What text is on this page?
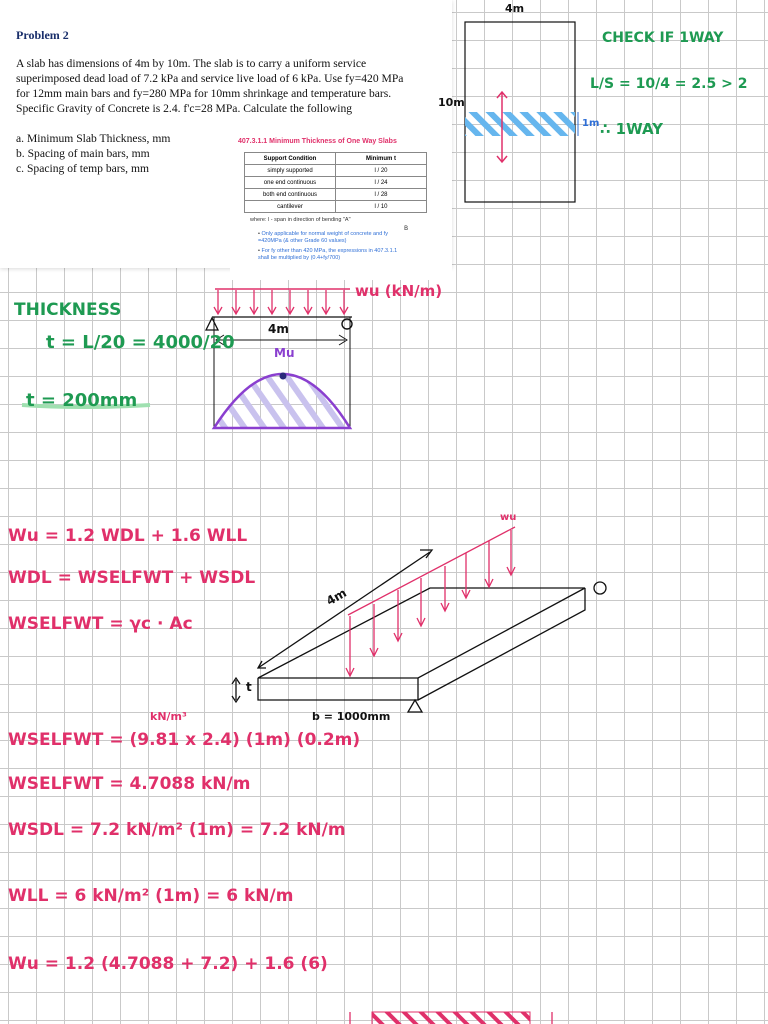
Problem 2
A slab has dimensions of 4m by 10m. The slab is to carry a uniform service superimposed dead load of 7.2 kPa and service live load of 6 kPa. Use fy=420 MPa for 12mm main bars and fy=280 MPa for 10mm shrinkage and temperature bars. Specific Gravity of Concrete is 2.4. f'c=28 MPa. Calculate the following
a. Minimum Slab Thickness, mm
b. Spacing of main bars, mm
c. Spacing of temp bars, mm
407.3.1.1 Minimum Thickness of One Way Slabs
Support Condition	Minimum t
simply supported	l / 20
one end continuous	l / 24
both end continuous	l / 28
cantilever	l / 10
where: l - span in direction of bending "A"
B
• Only applicable for normal weight of concrete and fy =420MPa (& other Grade 60 values)
• For fy other than 420 MPa, the expressions in 407.3.1.1 shall be multiplied by (0.4+fy/700)
4m
10m
1m
CHECK IF 1WAY
L/S = 10/4 = 2.5 > 2
∴ 1WAY
THICKNESS
t = L/20 = 4000/20
t = 200mm
wu (kN/m)
4m
Mu
wu
4m
t
b = 1000mm
Wu = 1.2 WDL + 1.6 WLL
WDL = WSELFWT + WSDL
WSELFWT = γc · Ac
kN/m³
WSELFWT = (9.81 x 2.4) (1m) (0.2m)
WSELFWT = 4.7088 kN/m
WSDL = 7.2 kN/m² (1m) = 7.2 kN/m
WLL = 6 kN/m² (1m) = 6 kN/m
Wu = 1.2 (4.7088 + 7.2) + 1.6 (6)
